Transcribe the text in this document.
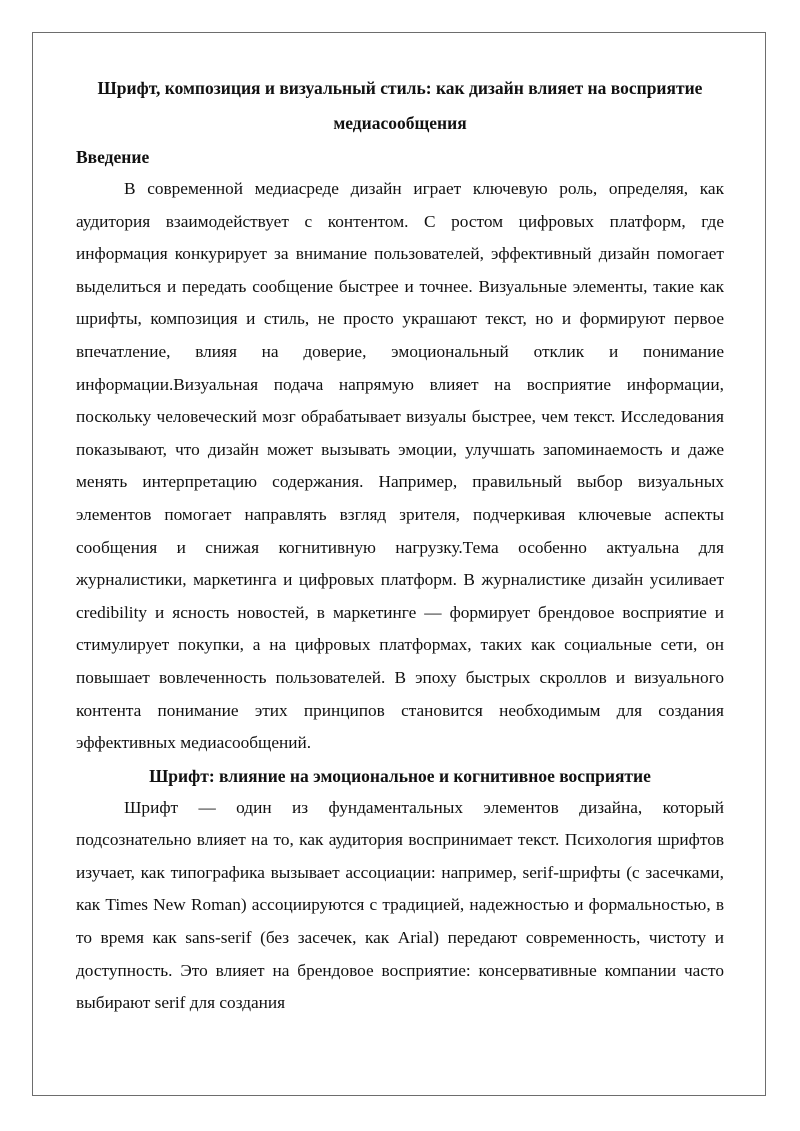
Шрифт, композиция и визуальный стиль: как дизайн влияет на восприятие медиасообщения
Введение

В современной медиасреде дизайн играет ключевую роль, определяя, как аудитория взаимодействует с контентом. С ростом цифровых платформ, где информация конкурирует за внимание пользователей, эффективный дизайн помогает выделиться и передать сообщение быстрее и точнее. Визуальные элементы, такие как шрифты, композиция и стиль, не просто украшают текст, но и формируют первое впечатление, влияя на доверие, эмоциональный отклик и понимание информации.Визуальная подача напрямую влияет на восприятие информации, поскольку человеческий мозг обрабатывает визуалы быстрее, чем текст. Исследования показывают, что дизайн может вызывать эмоции, улучшать запоминаемость и даже менять интерпретацию содержания. Например, правильный выбор визуальных элементов помогает направлять взгляд зрителя, подчеркивая ключевые аспекты сообщения и снижая когнитивную нагрузку.Тема особенно актуальна для журналистики, маркетинга и цифровых платформ. В журналистике дизайн усиливает credibility и ясность новостей, в маркетинге — формирует брендовое восприятие и стимулирует покупки, а на цифровых платформах, таких как социальные сети, он повышает вовлеченность пользователей. В эпоху быстрых скроллов и визуального контента понимание этих принципов становится необходимым для создания эффективных медиасообщений.

Шрифт: влияние на эмоциональное и когнитивное восприятие

Шрифт — один из фундаментальных элементов дизайна, который подсознательно влияет на то, как аудитория воспринимает текст. Психология шрифтов изучает, как типографика вызывает ассоциации: например, serif-шрифты (с засечками, как Times New Roman) ассоциируются с традицией, надежностью и формальностью, в то время как sans-serif (без засечек, как Arial) передают современность, чистоту и доступность. Это влияет на брендовое восприятие: консервативные компании часто выбирают serif для создания
